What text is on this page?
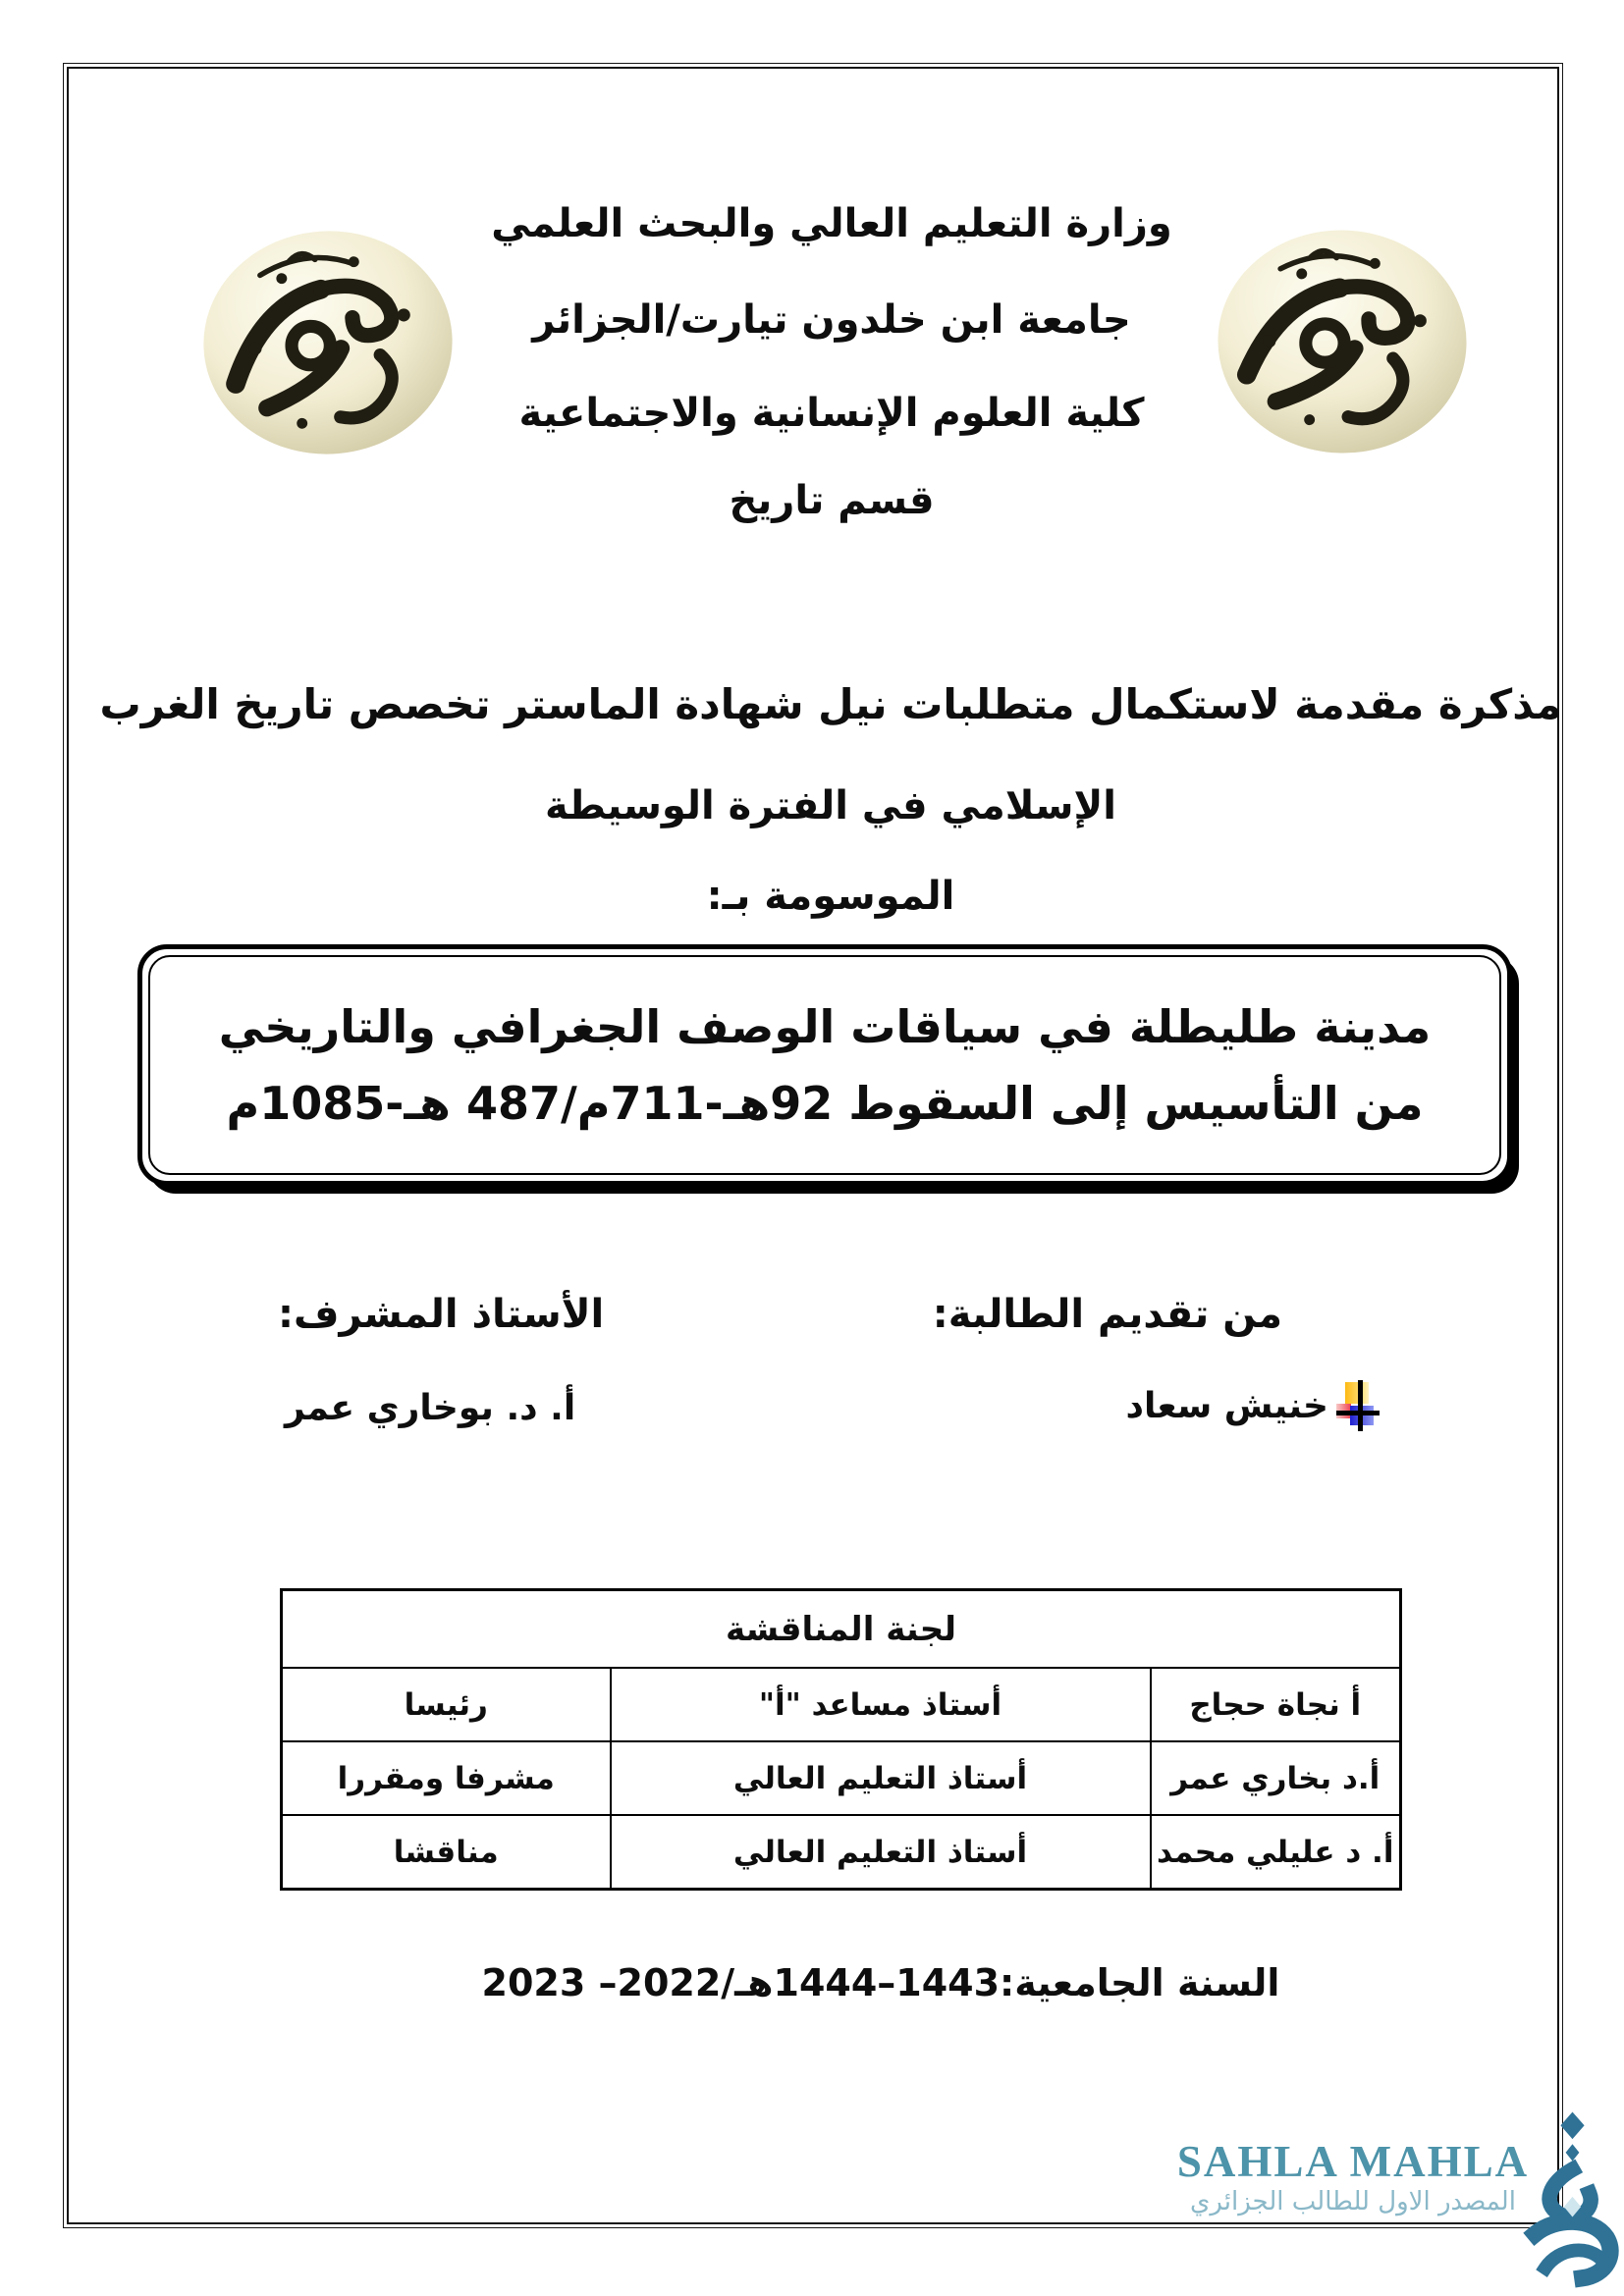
وزارة التعليم العالي والبحث العلمي
جامعة ابن خلدون تيارت/الجزائر
كلية العلوم الإنسانية والاجتماعية
قسم تاريخ
مذكرة مقدمة لاستكمال متطلبات نيل شهادة الماستر تخصص تاريخ الغرب
الإسلامي في الفترة الوسيطة
الموسومة بـ:
مدينة طليطلة في سياقات الوصف الجغرافي والتاريخي
من التأسيس إلى السقوط 92هـ-711م/487 هـ-1085م
من تقديم الطالبة:
خنيش سعاد
الأستاذ المشرف:
أ. د. بوخاري عمر
لجنة المناقشة		
أ نجاة حجاج	أستاذ مساعد "أ"	رئيسا
أ.د بخاري عمر	أستاذ التعليم العالي	مشرفا ومقررا
أ. د عليلي محمد	أستاذ التعليم العالي	مناقشا
السنة الجامعية:1443–1444هـ/2022– 2023
SAHLA MAHLA
المصدر الاول للطالب الجزائري
